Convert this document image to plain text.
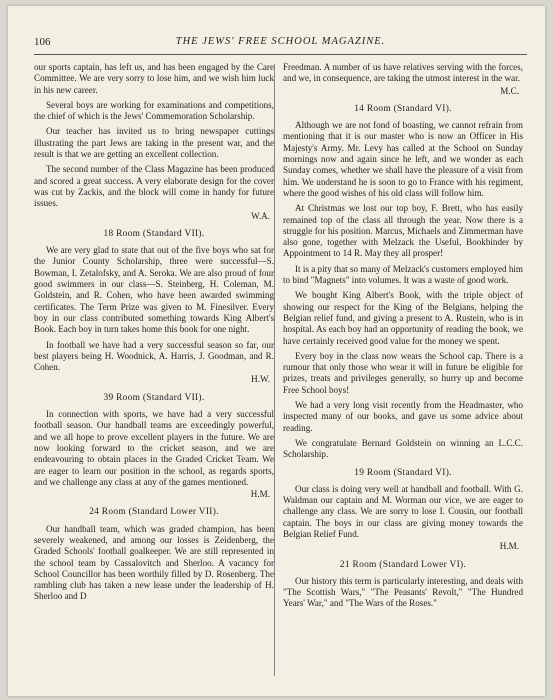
106	THE JEWS' FREE SCHOOL MAGAZINE.

our sports captain, has left us, and has been engaged by the Care Committee. We are very sorry to lose him, and we wish him luck in his new career.

Several boys are working for examinations and competitions, the chief of which is the Jews' Commemoration Scholarship.

Our teacher has invited us to bring newspaper cuttings illustrating the part Jews are taking in the present war, and the result is that we are getting an excellent collection.

The second number of the Class Magazine has been produced and scored a great success. A very elaborate design for the cover was cut by Zackis, and the block will come in handy for future issues.

W.A.
18 Room (Standard VII).

We are very glad to state that out of the five boys who sat for the Junior County Scholarship, three were successful—S. Bowman, I. Zetalofsky, and A. Seroka. We are also proud of four good swimmers in our class—S. Steinberg, H. Coleman, M. Goldstein, and R. Cohen, who have been awarded swimming certificates. The Term Prize was given to M. Finesilver. Every boy in our class contributed something towards King Albert's Book. Each boy in turn takes home this book for one night.

In football we have had a very successful season so far, our best players being H. Woodnick, A. Harris, J. Goodman, and R. Cohen.

H.W.
39 Room (Standard VII).

In connection with sports, we have had a very successful football season. Our handball teams are exceedingly powerful, and we all hope to prove excellent players in the future. We are now looking forward to the cricket season, and we are endeavouring to obtain places in the Graded Cricket Team. We are eager to learn our position in the school, as regards sports, and we challenge any class at any of the games mentioned.

H.M.
24 Room (Standard Lower VII).

Our handball team, which was graded champion, has been severely weakened, and among our losses is Zeidenberg, the Graded Schools' football goalkeeper. We are still represented in the school team by Cassalovitch and Sherloo. A vacancy for School Councillor has been worthily filled by D. Rosenberg. The rambling club has taken a new lease under the leadership of H. Sherloo and D

Freedman. A number of us have relatives serving with the forces, and we, in consequence, are taking the utmost interest in the war.

M.C.
14 Room (Standard VI).

Although we are not fond of boasting, we cannot refrain from mentioning that it is our master who is now an Officer in His Majesty's Army. Mr. Levy has called at the School on Sunday mornings now and again since he left, and we wonder as each Sunday comes, whether we shall have the pleasure of a visit from him. We understand he is soon to go to France with his regiment, where the good wishes of his old class will follow him.

At Christmas we lost our top boy, F. Brett, who has easily remained top of the class all through the year. Now there is a struggle for his position. Marcus, Michaels and Zimmerman have also gone, together with Melzack the Useful, Bookbinder by Appointment to 14 R. May they all prosper!

It is a pity that so many of Melzack's customers employed him to bind "Magnets" into volumes. It was a waste of good work.

We bought King Albert's Book, with the triple object of showing our respect for the King of the Belgians, helping the Belgian relief fund, and giving a present to A. Rustein, who is in hospital. As each boy had an opportunity of reading the book, we have certainly received good value for the money we spent.

Every boy in the class now wears the School cap. There is a rumour that only those who wear it will in future be eligible for prizes, treats and privileges generally, so hurry up and become Free School boys!

We had a very long visit recently from the Headmaster, who inspected many of our books, and gave us some advice about reading.

We congratulate Bernard Goldstein on winning an L.C.C. Scholarship.

19 Room (Standard VI).

Our class is doing very well at handball and football. With G. Waldman our captain and M. Worman our vice, we are eager to challenge any class. We are sorry to lose I. Cousin, our football captain. The boys in our class are giving money towards the Belgian Relief Fund.

H.M.
21 Room (Standard Lower VI).

Our history this term is particularly interesting, and deals with "The Scottish Wars," "The Peasants' Revolt," "The Hundred Years' War," and "The Wars of the Roses."
